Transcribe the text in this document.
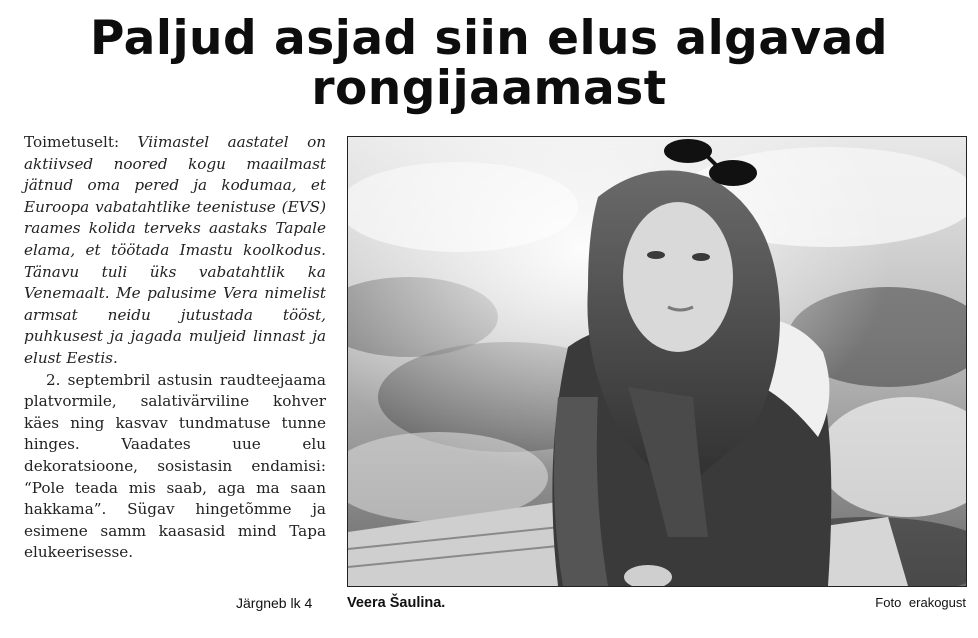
Paljud asjad siin elus algavad
rongijaamast

Toimetuselt: Viimastel aastatel on aktiivsed noored kogu maailmast jätnud oma pered ja kodumaa, et Euroopa vabatahtlike teenistuse (EVS) raames kolida terveks aastaks Tapale elama, et töötada Imastu koolkodus. Tänavu tuli üks vabatahtlik ka Venemaalt. Me palusime Vera nimelist armsat neidu jutustada tööst, puhkusest ja jagada muljeid linnast ja elust Eestis.

2. septembril astusin raudteejaama platvormile, salativärviline kohver käes ning kasvav tundmatuse tunne hinges. Vaadates uue elu dekoratsioone, sosistasin endamisi: “Pole teada mis saab, aga ma saan hakkama”. Sügav hingetõmme ja esimene samm kaasasid mind Tapa elukeerisesse.

Järgneb lk 4 Veera Šaulina.	Foto erakogust
